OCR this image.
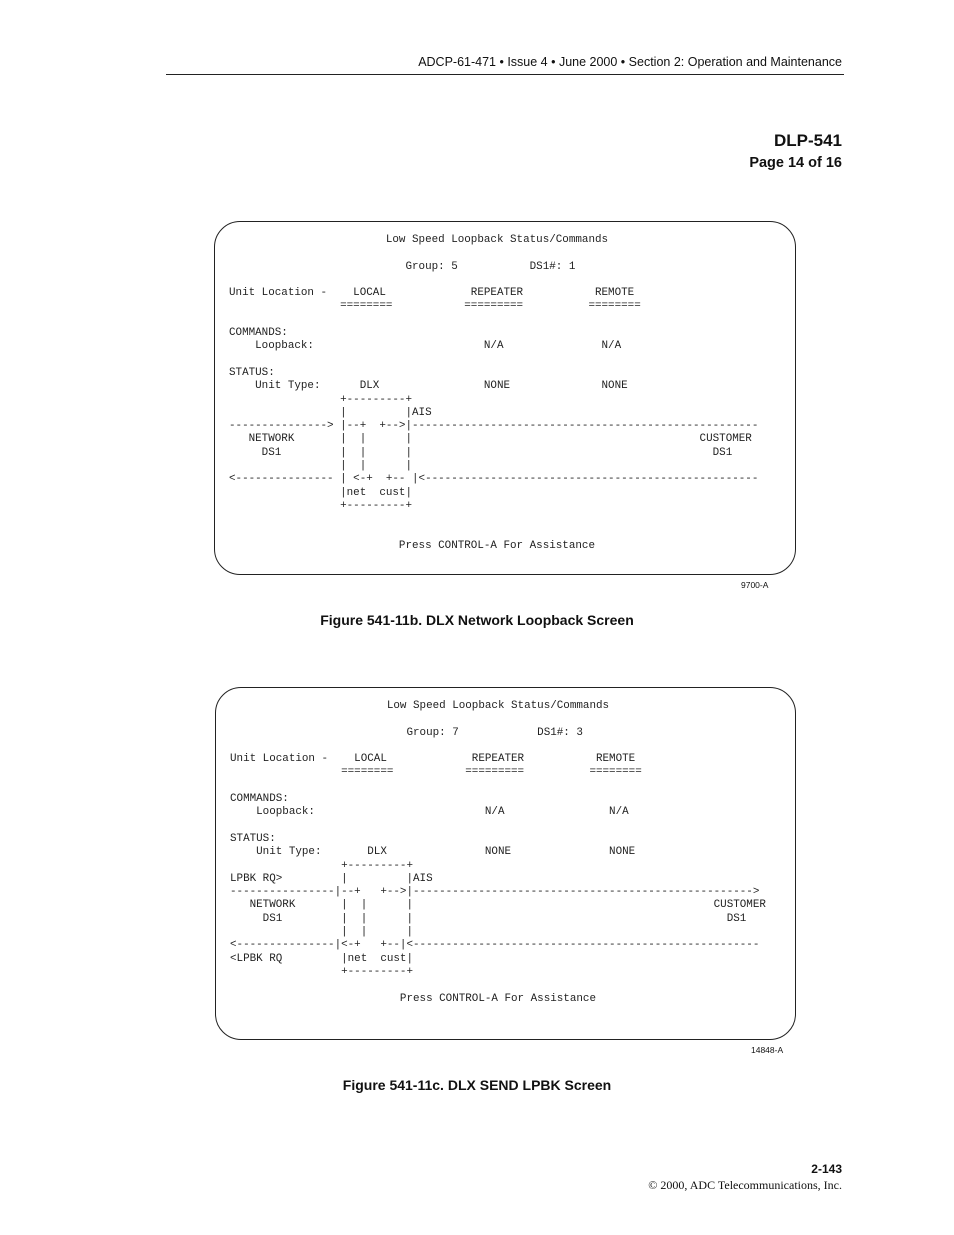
ADCP-61-471 • Issue 4 • June 2000 • Section 2: Operation and Maintenance
DLP-541
Page 14 of 16
Low Speed Loopback Status/Commands

Group: 5           DS1#: 1

Unit Location -    LOCAL             REPEATER           REMOTE
========           =========          ========

COMMANDS:
Loopback:                          N/A               N/A

STATUS:
Unit Type:      DLX                NONE              NONE
+---------+
|         |AIS
---------------> |--+  +-->|-----------------------------------------------------
NETWORK       |  |      |                                            CUSTOMER
DS1         |  |      |                                              DS1
|  |      |
<--------------- | <-+  +-- |<---------------------------------------------------
|net  cust|
+---------+

Press CONTROL-A For Assistance
9700-A
Figure 541-11b. DLX Network Loopback Screen
Low Speed Loopback Status/Commands

Group: 7            DS1#: 3

Unit Location -    LOCAL             REPEATER           REMOTE
========           =========          ========

COMMANDS:
Loopback:                          N/A                N/A

STATUS:
Unit Type:       DLX               NONE               NONE
+---------+
LPBK RQ>         |         |AIS
----------------|--+   +-->|---------------------------------------------------->
NETWORK       |  |      |                                              CUSTOMER
DS1         |  |      |                                                DS1
|  |      |
<---------------|<-+   +--|<-----------------------------------------------------
<LPBK RQ         |net  cust|
+---------+

Press CONTROL-A For Assistance
14848-A
Figure 541-11c. DLX SEND LPBK Screen
2-143
© 2000, ADC Telecommunications, Inc.
